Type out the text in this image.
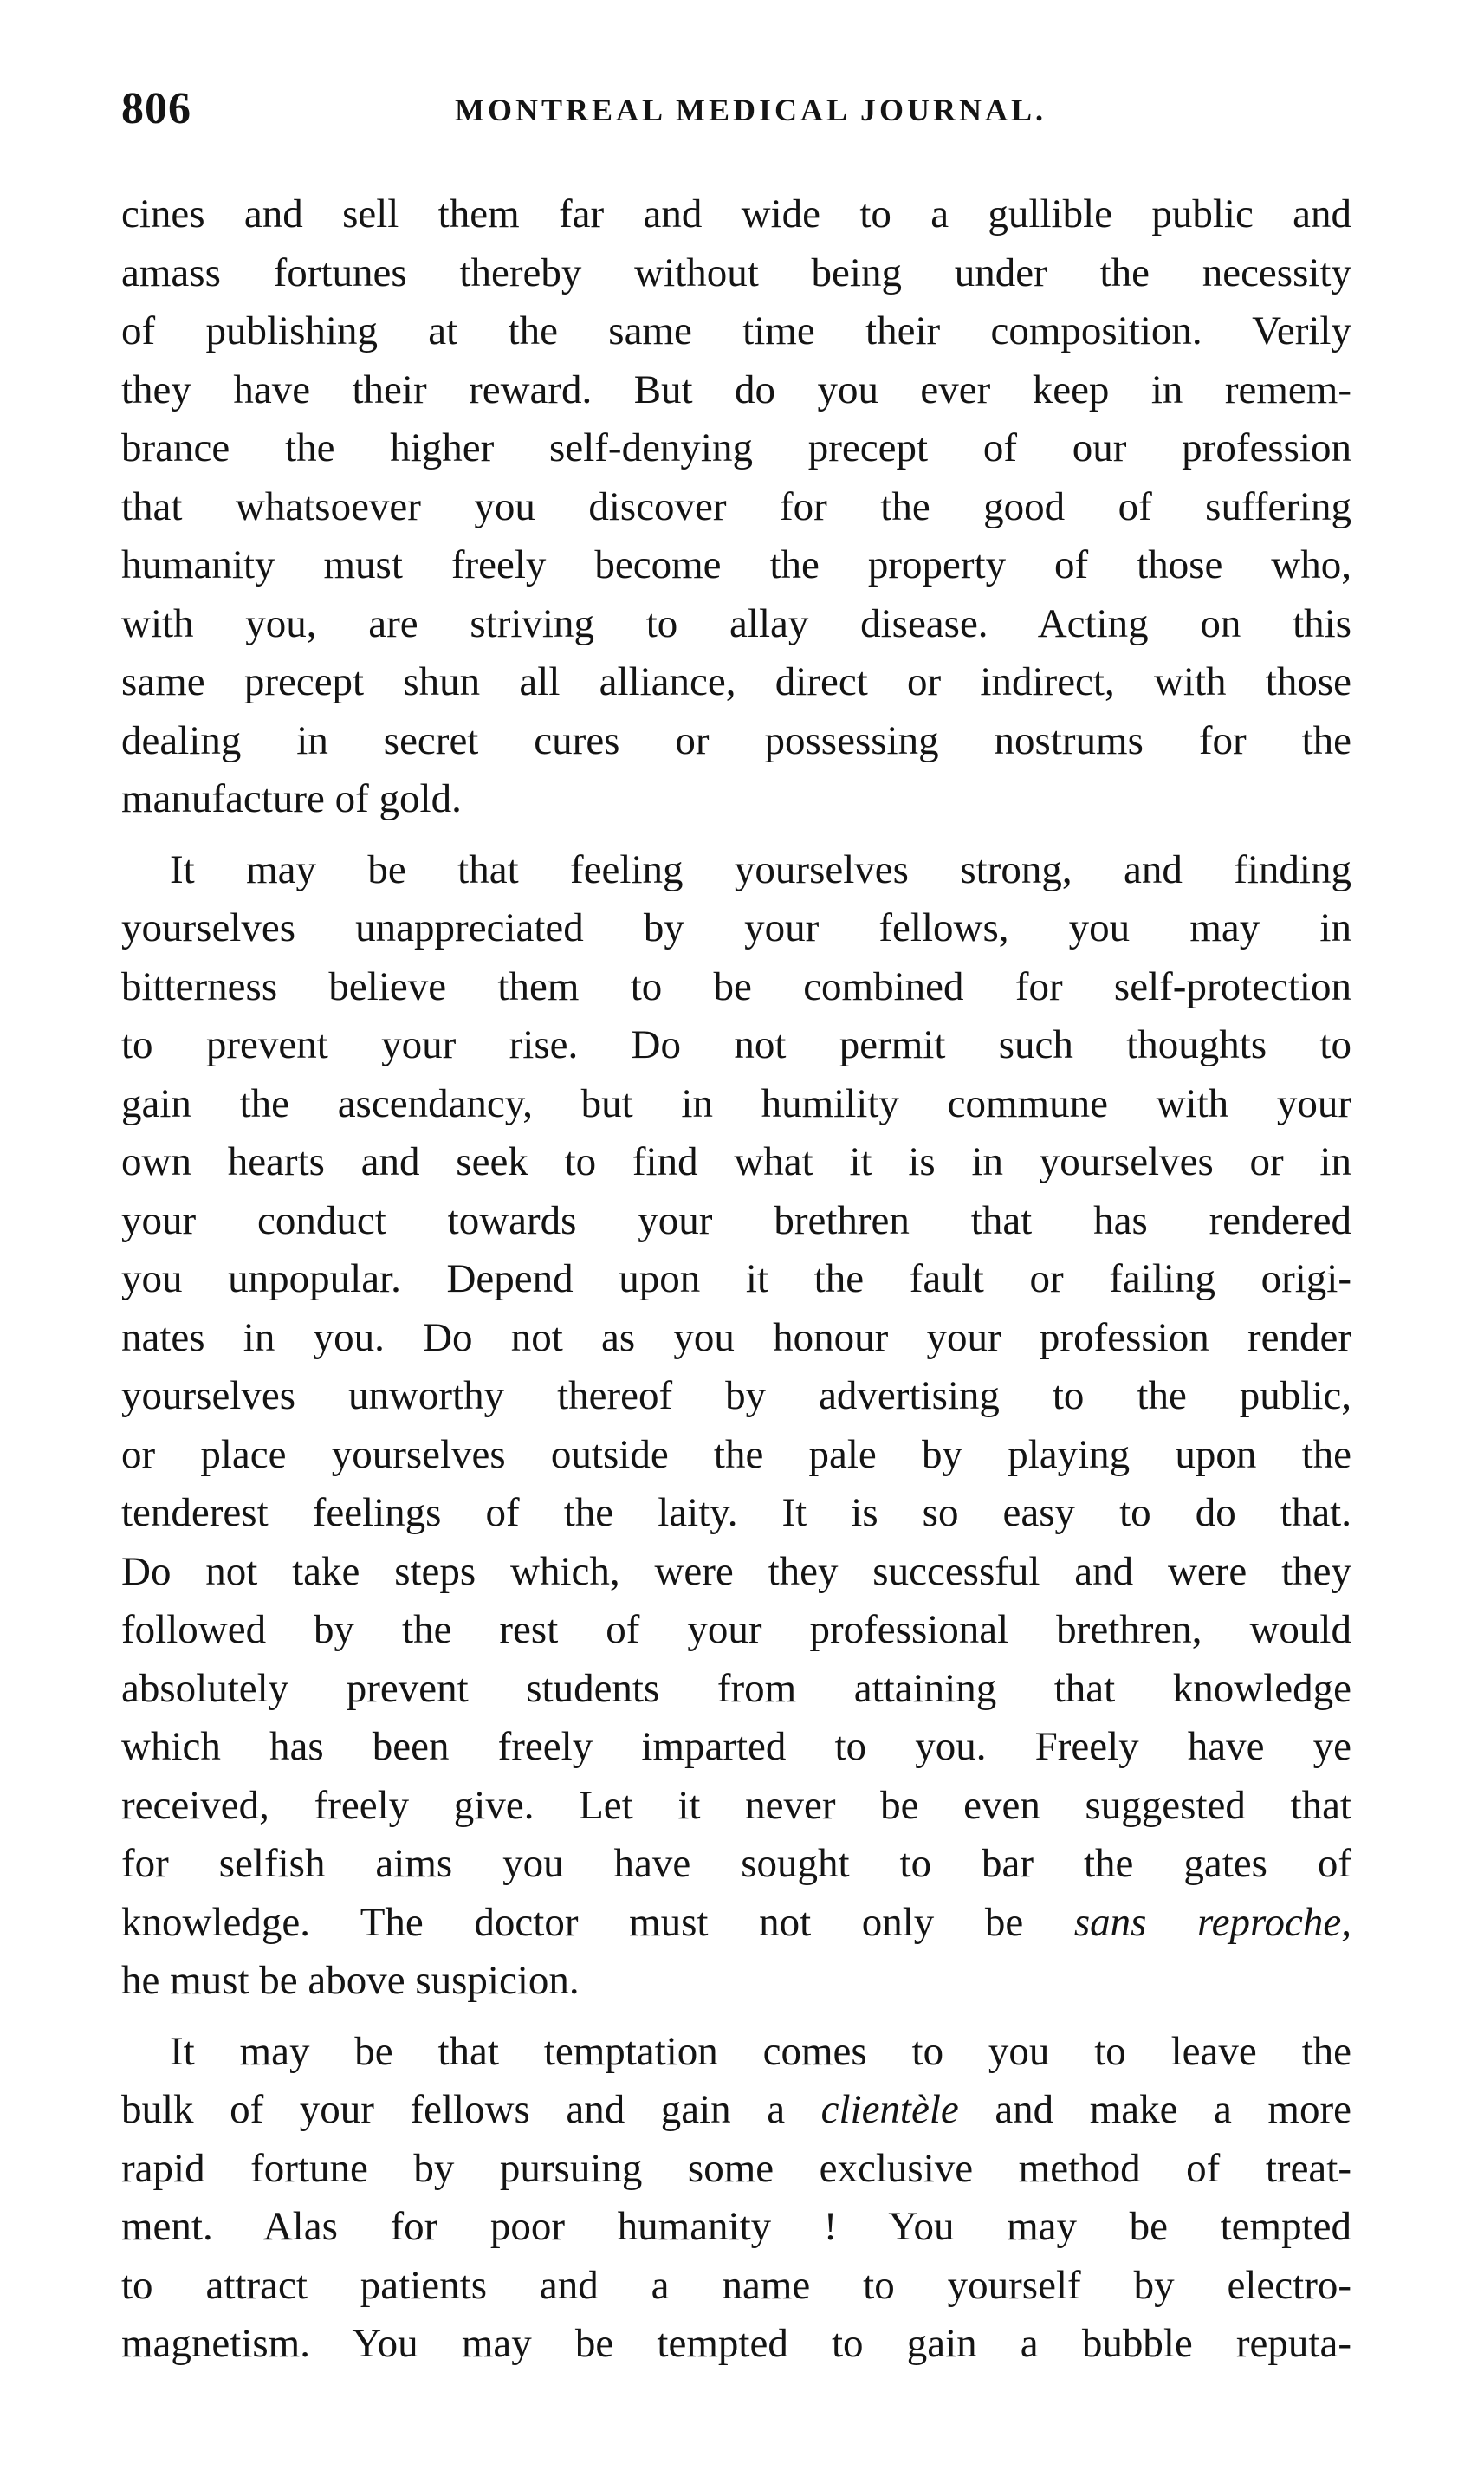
806	MONTREAL MEDICAL JOURNAL.

cines and sell them far and wide to a gullible public and
amass fortunes thereby without being under the necessity
of publishing at the same time their composition. Verily
they have their reward. But do you ever keep in remem-
brance the higher self-denying precept of our profession
that whatsoever you discover for the good of suffering
humanity must freely become the property of those who,
with you, are striving to allay disease. Acting on this
same precept shun all alliance, direct or indirect, with those
dealing in secret cures or possessing nostrums for the
manufacture of gold.

It may be that feeling yourselves strong, and finding
yourselves unappreciated by your fellows, you may in
bitterness believe them to be combined for self-protection
to prevent your rise. Do not permit such thoughts to
gain the ascendancy, but in humility commune with your
own hearts and seek to find what it is in yourselves or in
your conduct towards your brethren that has rendered
you unpopular. Depend upon it the fault or failing origi-
nates in you. Do not as you honour your profession render
yourselves unworthy thereof by advertising to the public,
or place yourselves outside the pale by playing upon the
tenderest feelings of the laity. It is so easy to do that.
Do not take steps which, were they successful and were they
followed by the rest of your professional brethren, would
absolutely prevent students from attaining that knowledge
which has been freely imparted to you. Freely have ye
received, freely give. Let it never be even suggested that
for selfish aims you have sought to bar the gates of
knowledge. The doctor must not only be sans reproche,
he must be above suspicion.

It may be that temptation comes to you to leave the
bulk of your fellows and gain a clientèle and make a more
rapid fortune by pursuing some exclusive method of treat-
ment. Alas for poor humanity ! You may be tempted
to attract patients and a name to yourself by electro-
magnetism. You may be tempted to gain a bubble reputa-
